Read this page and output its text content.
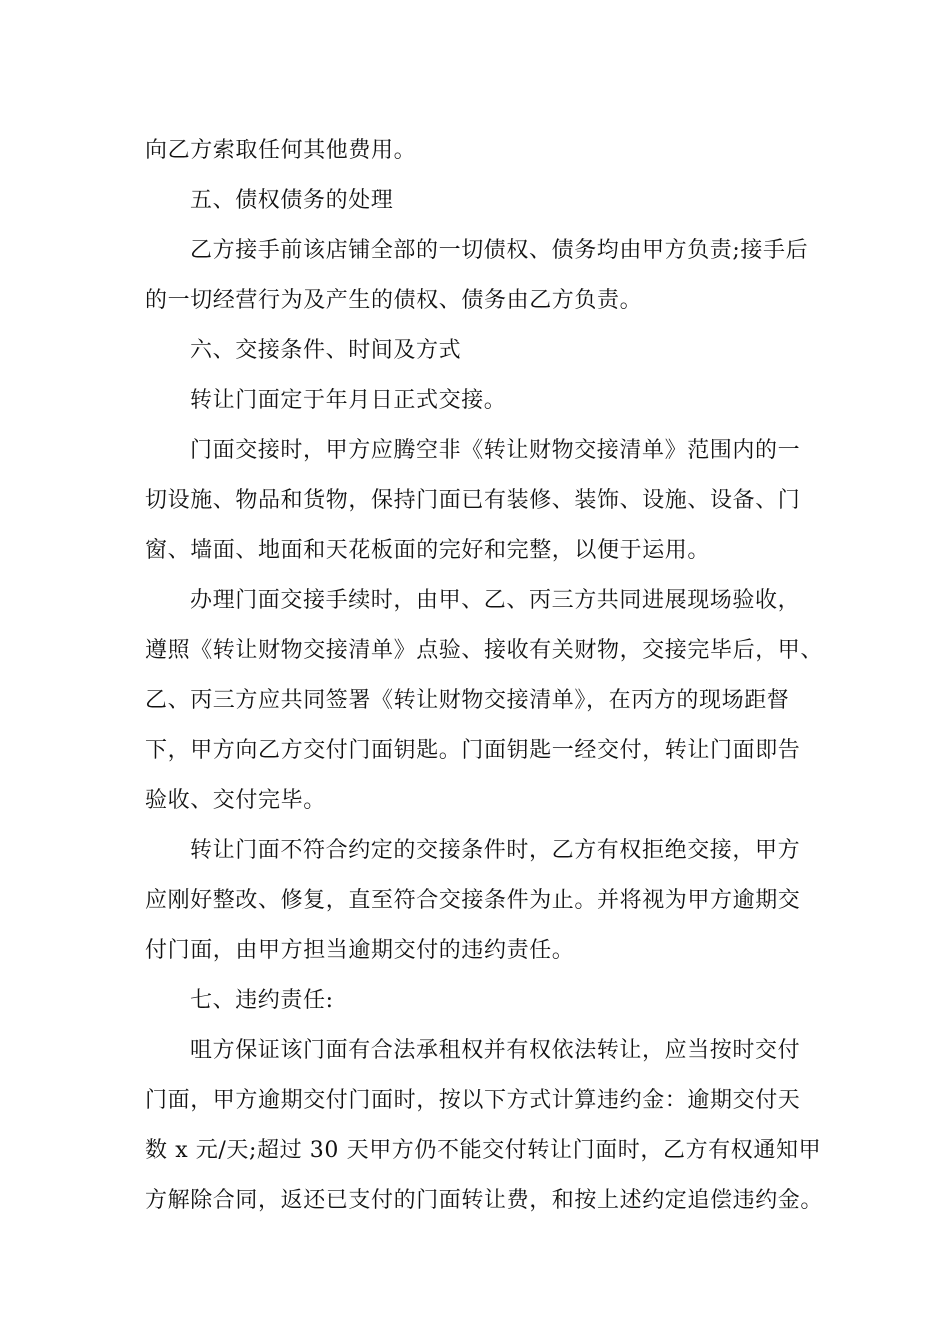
向乙方索取任何其他费用。
五、债权债务的处理
乙方接手前该店铺全部的一切债权、债务均由甲方负责;接手后
的一切经营行为及产生的债权、债务由乙方负责。
六、交接条件、时间及方式
转让门面定于年月日正式交接。
门面交接时，甲方应腾空非《转让财物交接清单》范围内的一
切设施、物品和货物，保持门面已有装修、装饰、设施、设备、门
窗、墙面、地面和天花板面的完好和完整，以便于运用。
办理门面交接手续时，由甲、乙、丙三方共同进展现场验收，
遵照《转让财物交接清单》点验、接收有关财物，交接完毕后，甲、
乙、丙三方应共同签署《转让财物交接清单》，在丙方的现场距督
下，甲方向乙方交付门面钥匙。门面钥匙一经交付，转让门面即告
验收、交付完毕。
转让门面不符合约定的交接条件时，乙方有权拒绝交接，甲方
应刚好整改、修复，直至符合交接条件为止。并将视为甲方逾期交
付门面，由甲方担当逾期交付的违约责任。
七、违约责任:
咀方保证该门面有合法承租权并有权依法转让，应当按时交付
门面，甲方逾期交付门面时，按以下方式计算违约金：逾期交付天
数 x 元/天;超过 30 天甲方仍不能交付转让门面时，乙方有权通知甲
方解除合同，返还已支付的门面转让费，和按上述约定追偿违约金。
